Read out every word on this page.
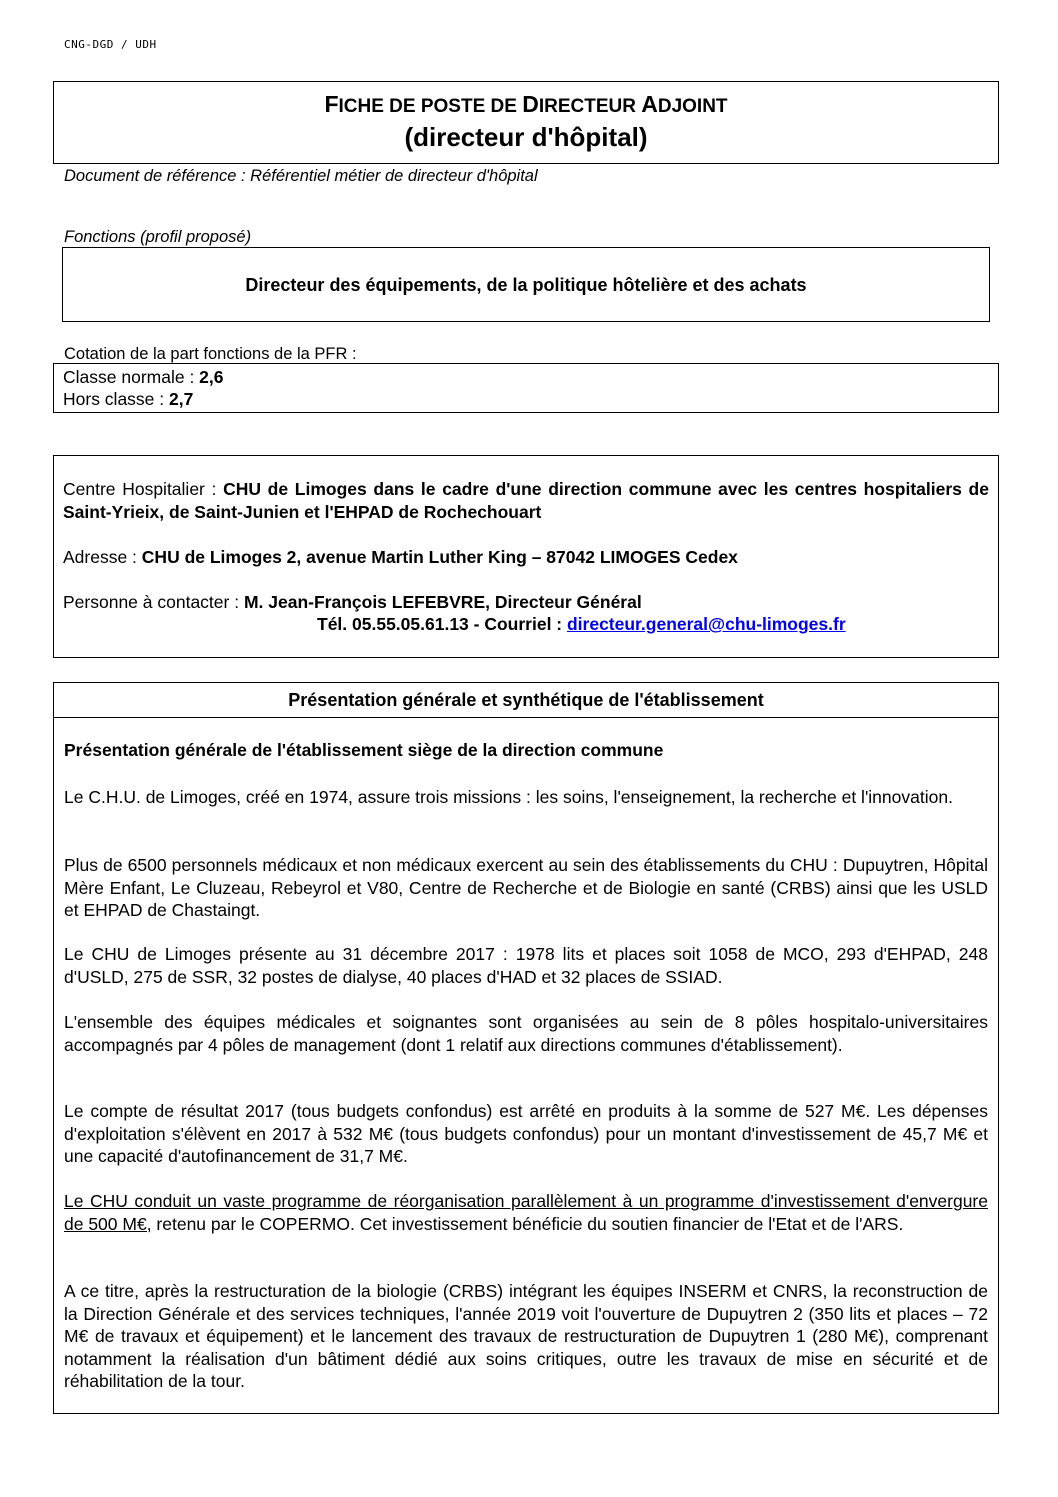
CNG-DGD / UDH
FICHE DE POSTE DE DIRECTEUR ADJOINT
(directeur d'hôpital)
Document de référence : Référentiel métier de directeur d'hôpital
Fonctions (profil proposé)
Directeur des équipements, de la politique hôtelière et des achats
Cotation de la part fonctions de la PFR :
Classe normale : 2,6
Hors classe : 2,7
Centre Hospitalier : CHU de Limoges dans le cadre d'une direction commune avec les centres hospitaliers de Saint-Yrieix, de Saint-Junien et l'EHPAD de Rochechouart
Adresse : CHU de Limoges 2, avenue Martin Luther King – 87042 LIMOGES Cedex
Personne à contacter : M. Jean-François LEFEBVRE, Directeur Général
Tél. 05.55.05.61.13 - Courriel : directeur.general@chu-limoges.fr
Présentation générale et synthétique de l'établissement
Présentation générale de l'établissement siège de la direction commune
Le C.H.U. de Limoges, créé en 1974, assure trois missions : les soins, l'enseignement, la recherche et l'innovation.
Plus de 6500 personnels médicaux et non médicaux exercent au sein des établissements du CHU : Dupuytren, Hôpital Mère Enfant, Le Cluzeau, Rebeyrol et V80, Centre de Recherche et de Biologie en santé (CRBS) ainsi que les USLD et EHPAD de Chastaingt.
Le CHU de Limoges présente au 31 décembre 2017 : 1978 lits et places soit 1058 de MCO, 293 d'EHPAD, 248 d'USLD, 275 de SSR, 32 postes de dialyse, 40 places d'HAD et 32 places de SSIAD.
L'ensemble des équipes médicales et soignantes sont organisées au sein de 8 pôles hospitalo-universitaires accompagnés par 4 pôles de management (dont 1 relatif aux directions communes d'établissement).
Le compte de résultat 2017 (tous budgets confondus) est arrêté en produits à la somme de 527 M€. Les dépenses d'exploitation s'élèvent en 2017 à 532 M€ (tous budgets confondus) pour un montant d'investissement de 45,7 M€ et une capacité d'autofinancement de 31,7 M€.
Le CHU conduit un vaste programme de réorganisation parallèlement à un programme d'investissement d'envergure de 500 M€, retenu par le COPERMO. Cet investissement bénéficie du soutien financier de l'Etat et de l'ARS.
A ce titre, après la restructuration de la biologie (CRBS) intégrant les équipes INSERM et CNRS, la reconstruction de la Direction Générale et des services techniques, l'année 2019 voit l'ouverture de Dupuytren 2 (350 lits et places – 72 M€ de travaux et équipement) et le lancement des travaux de restructuration de Dupuytren 1 (280 M€), comprenant notamment la réalisation d'un bâtiment dédié aux soins critiques, outre les travaux de mise en sécurité et de réhabilitation de la tour.
